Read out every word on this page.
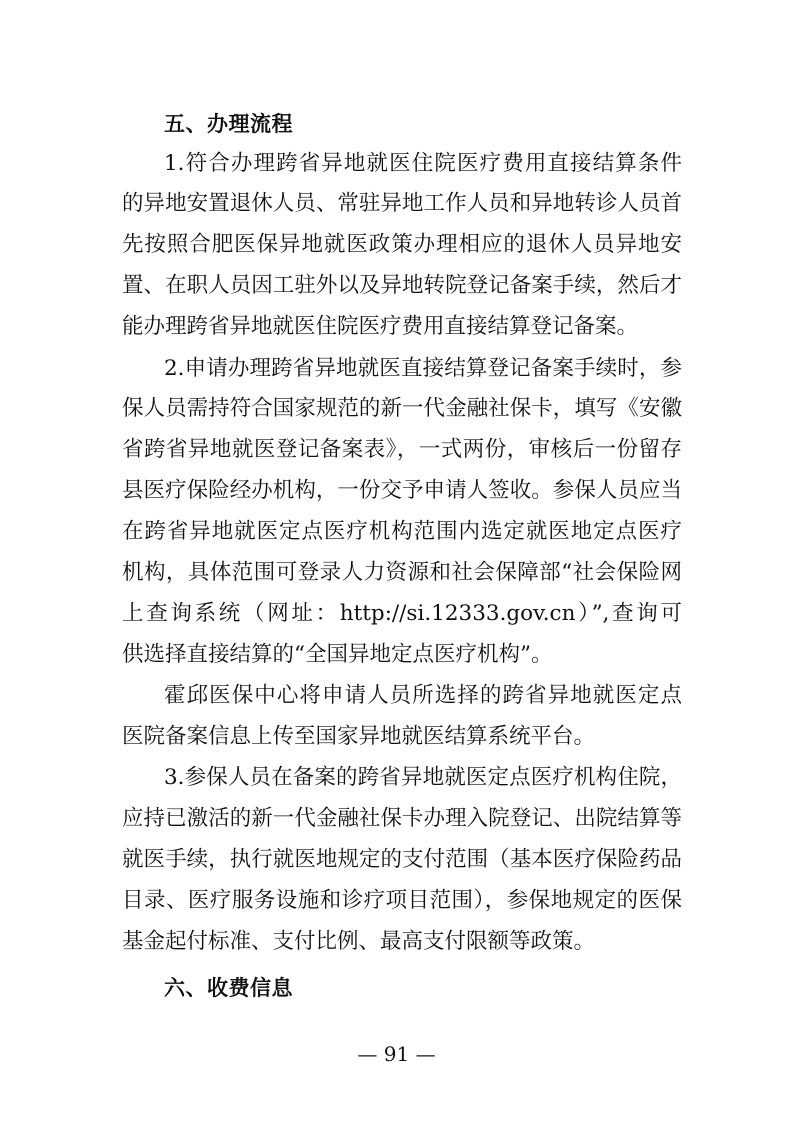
五、办理流程
1.符合办理跨省异地就医住院医疗费用直接结算条件
的异地安置退休人员、常驻异地工作人员和异地转诊人员首
先按照合肥医保异地就医政策办理相应的退休人员异地安
置、在职人员因工驻外以及异地转院登记备案手续，然后才
能办理跨省异地就医住院医疗费用直接结算登记备案。
2.申请办理跨省异地就医直接结算登记备案手续时，参
保人员需持符合国家规范的新一代金融社保卡，填写《安徽
省跨省异地就医登记备案表》，一式两份，审核后一份留存
县医疗保险经办机构，一份交予申请人签收。参保人员应当
在跨省异地就医定点医疗机构范围内选定就医地定点医疗
机构，具体范围可登录人力资源和社会保障部“社会保险网
上查询系统（网址：http://si.12333.gov.cn）”,查询可
供选择直接结算的“全国异地定点医疗机构”。
霍邱医保中心将申请人员所选择的跨省异地就医定点
医院备案信息上传至国家异地就医结算系统平台。
3.参保人员在备案的跨省异地就医定点医疗机构住院，
应持已激活的新一代金融社保卡办理入院登记、出院结算等
就医手续，执行就医地规定的支付范围（基本医疗保险药品
目录、医疗服务设施和诊疗项目范围），参保地规定的医保
基金起付标准、支付比例、最高支付限额等政策。
六、收费信息
— 91 —
